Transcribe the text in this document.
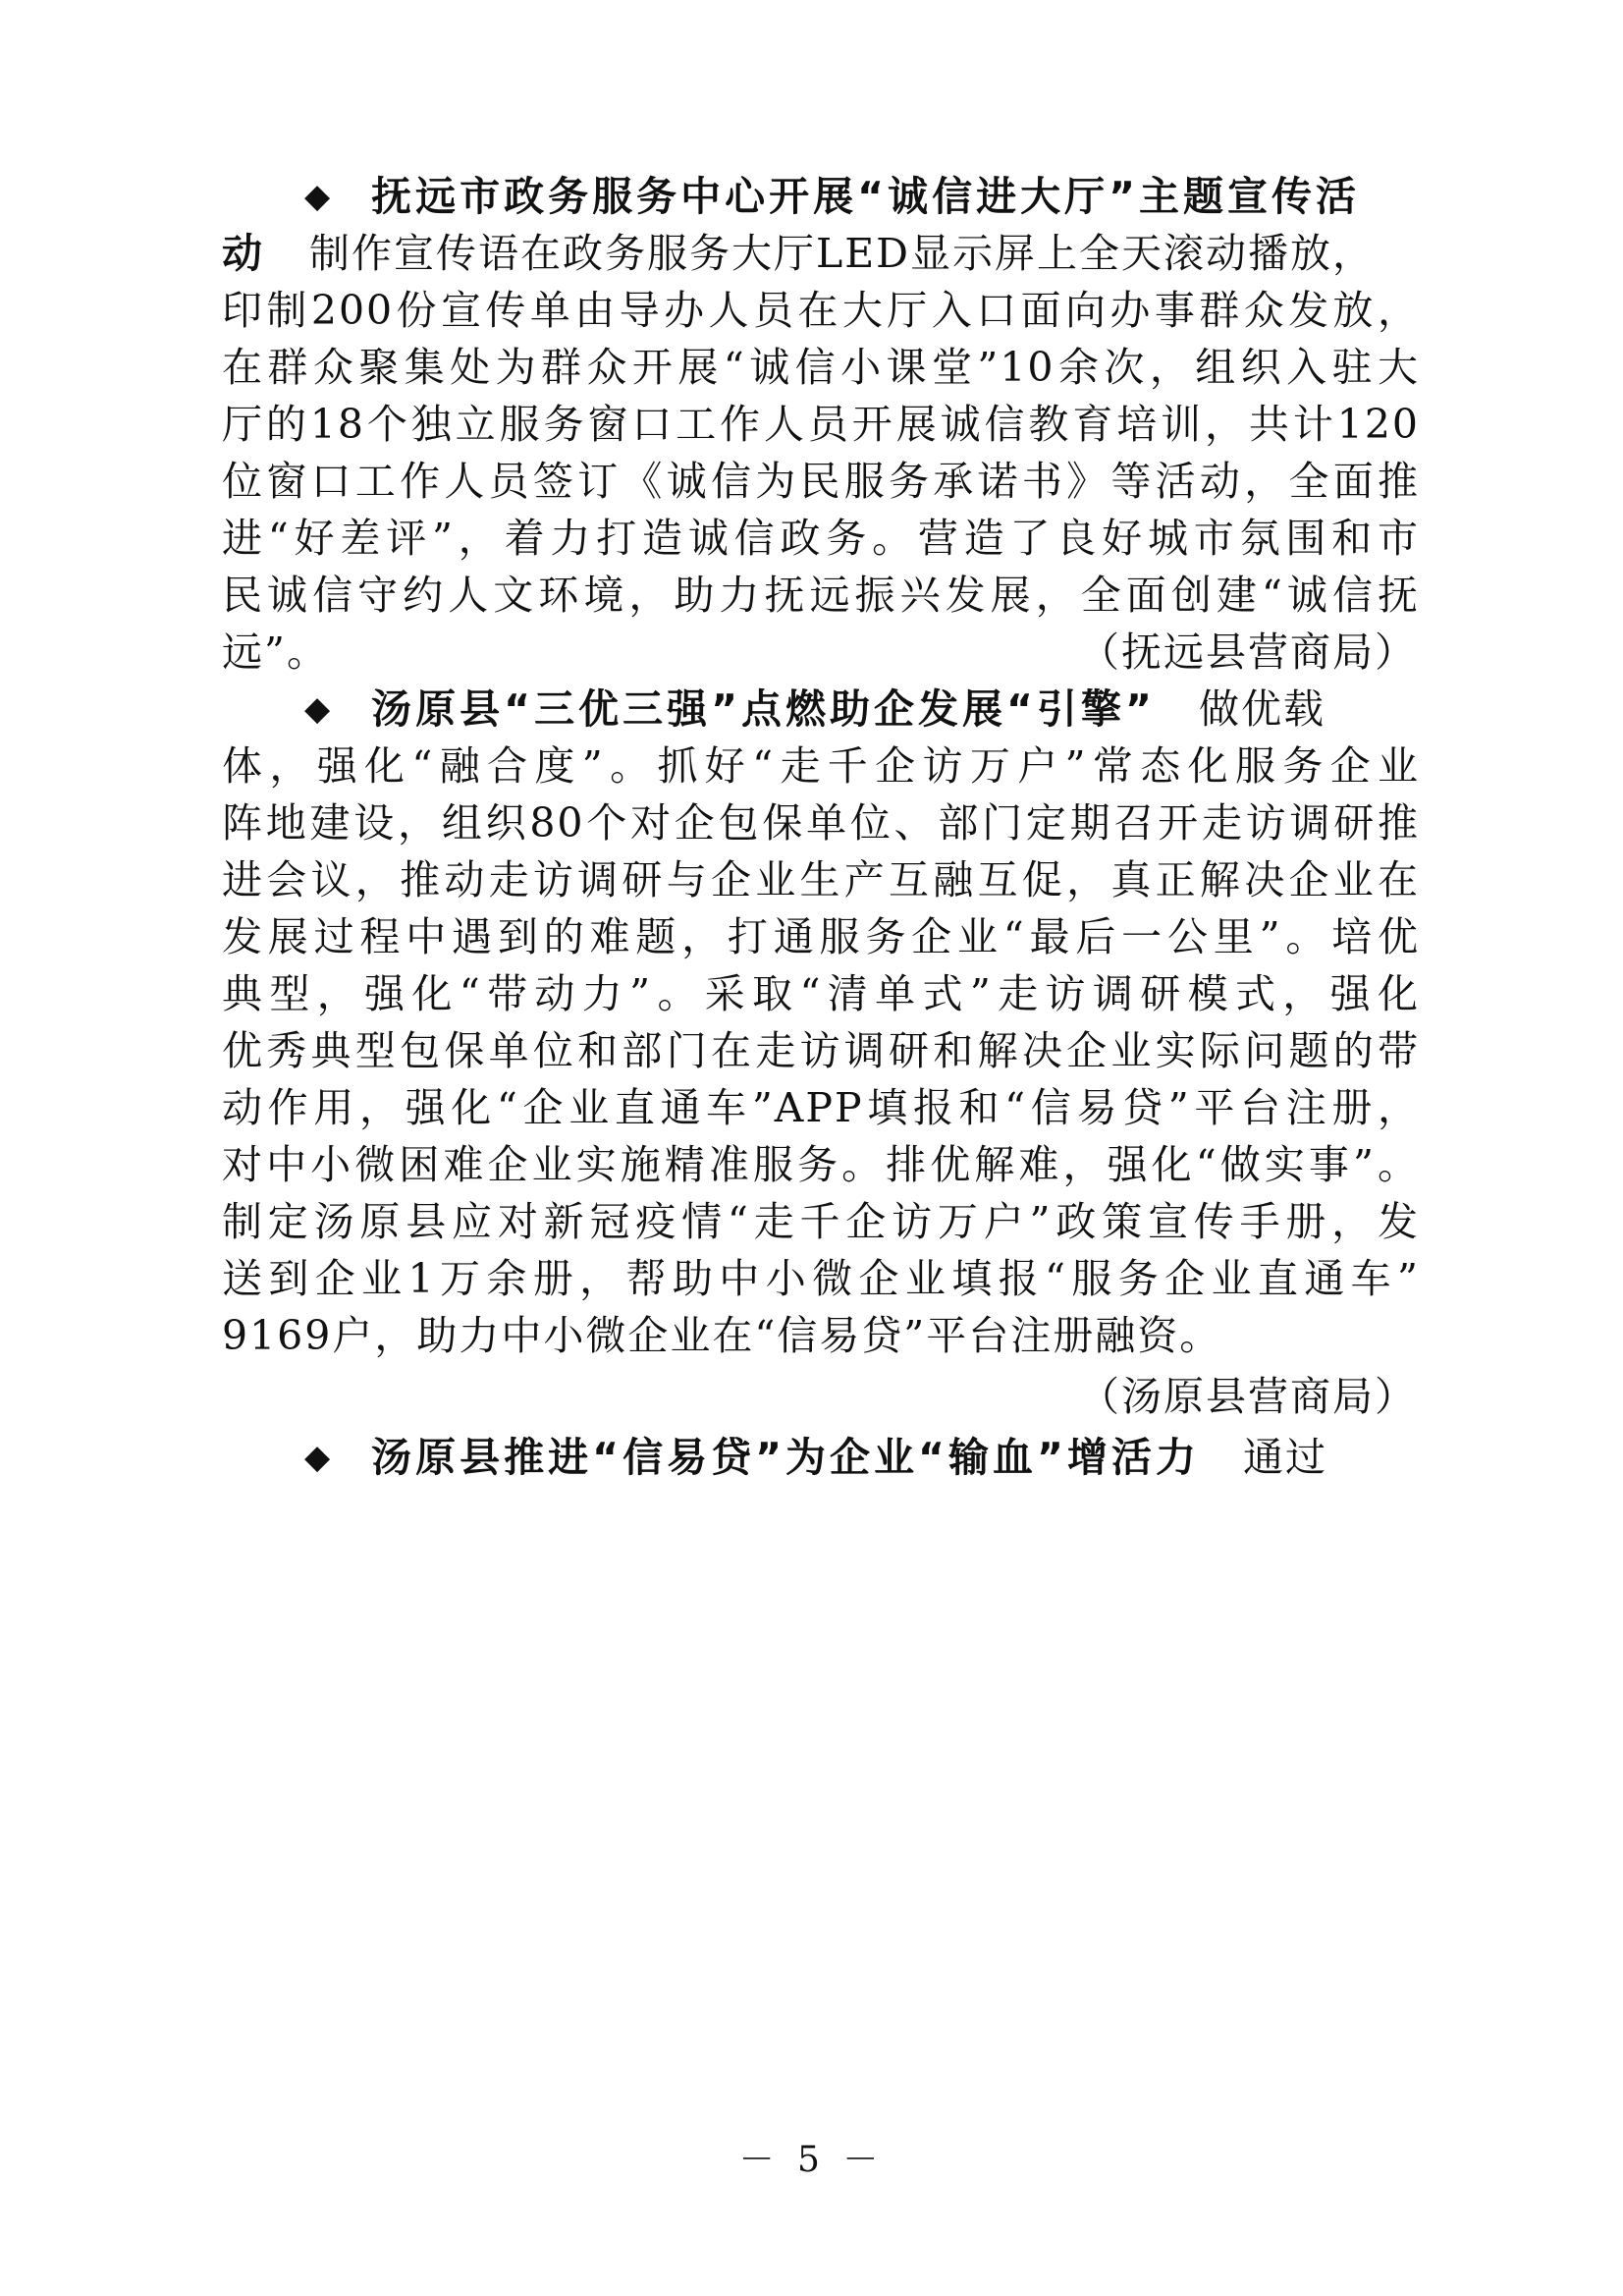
◆ 抚远市政务服务中心开展“诚信进大厅”主题宣传活
动 制作宣传语在政务服务大厅LED显示屏上全天滚动播放，
印制200份宣传单由导办人员在大厅入口面向办事群众发放，
在群众聚集处为群众开展“诚信小课堂”10余次，组织入驻大
厅的18个独立服务窗口工作人员开展诚信教育培训，共计120
位窗口工作人员签订《诚信为民服务承诺书》等活动，全面推
进“好差评”，着力打造诚信政务。营造了良好城市氛围和市
民诚信守约人文环境，助力抚远振兴发展，全面创建“诚信抚
远”。	（抚远县营商局）
◆ 汤原县“三优三强”点燃助企发展“引擎” 做优载
体，强化“融合度”。抓好“走千企访万户”常态化服务企业
阵地建设，组织80个对企包保单位、部门定期召开走访调研推
进会议，推动走访调研与企业生产互融互促，真正解决企业在
发展过程中遇到的难题，打通服务企业“最后一公里”。培优
典型，强化“带动力”。采取“清单式”走访调研模式，强化
优秀典型包保单位和部门在走访调研和解决企业实际问题的带
动作用，强化“企业直通车”APP填报和“信易贷”平台注册，
对中小微困难企业实施精准服务。排优解难，强化“做实事”。
制定汤原县应对新冠疫情“走千企访万户”政策宣传手册，发
送到企业1万余册，帮助中小微企业填报“服务企业直通车”
9169户，助力中小微企业在“信易贷”平台注册融资。
（汤原县营商局）
◆ 汤原县推进“信易贷”为企业“输血”增活力 通过
－ 5 －
